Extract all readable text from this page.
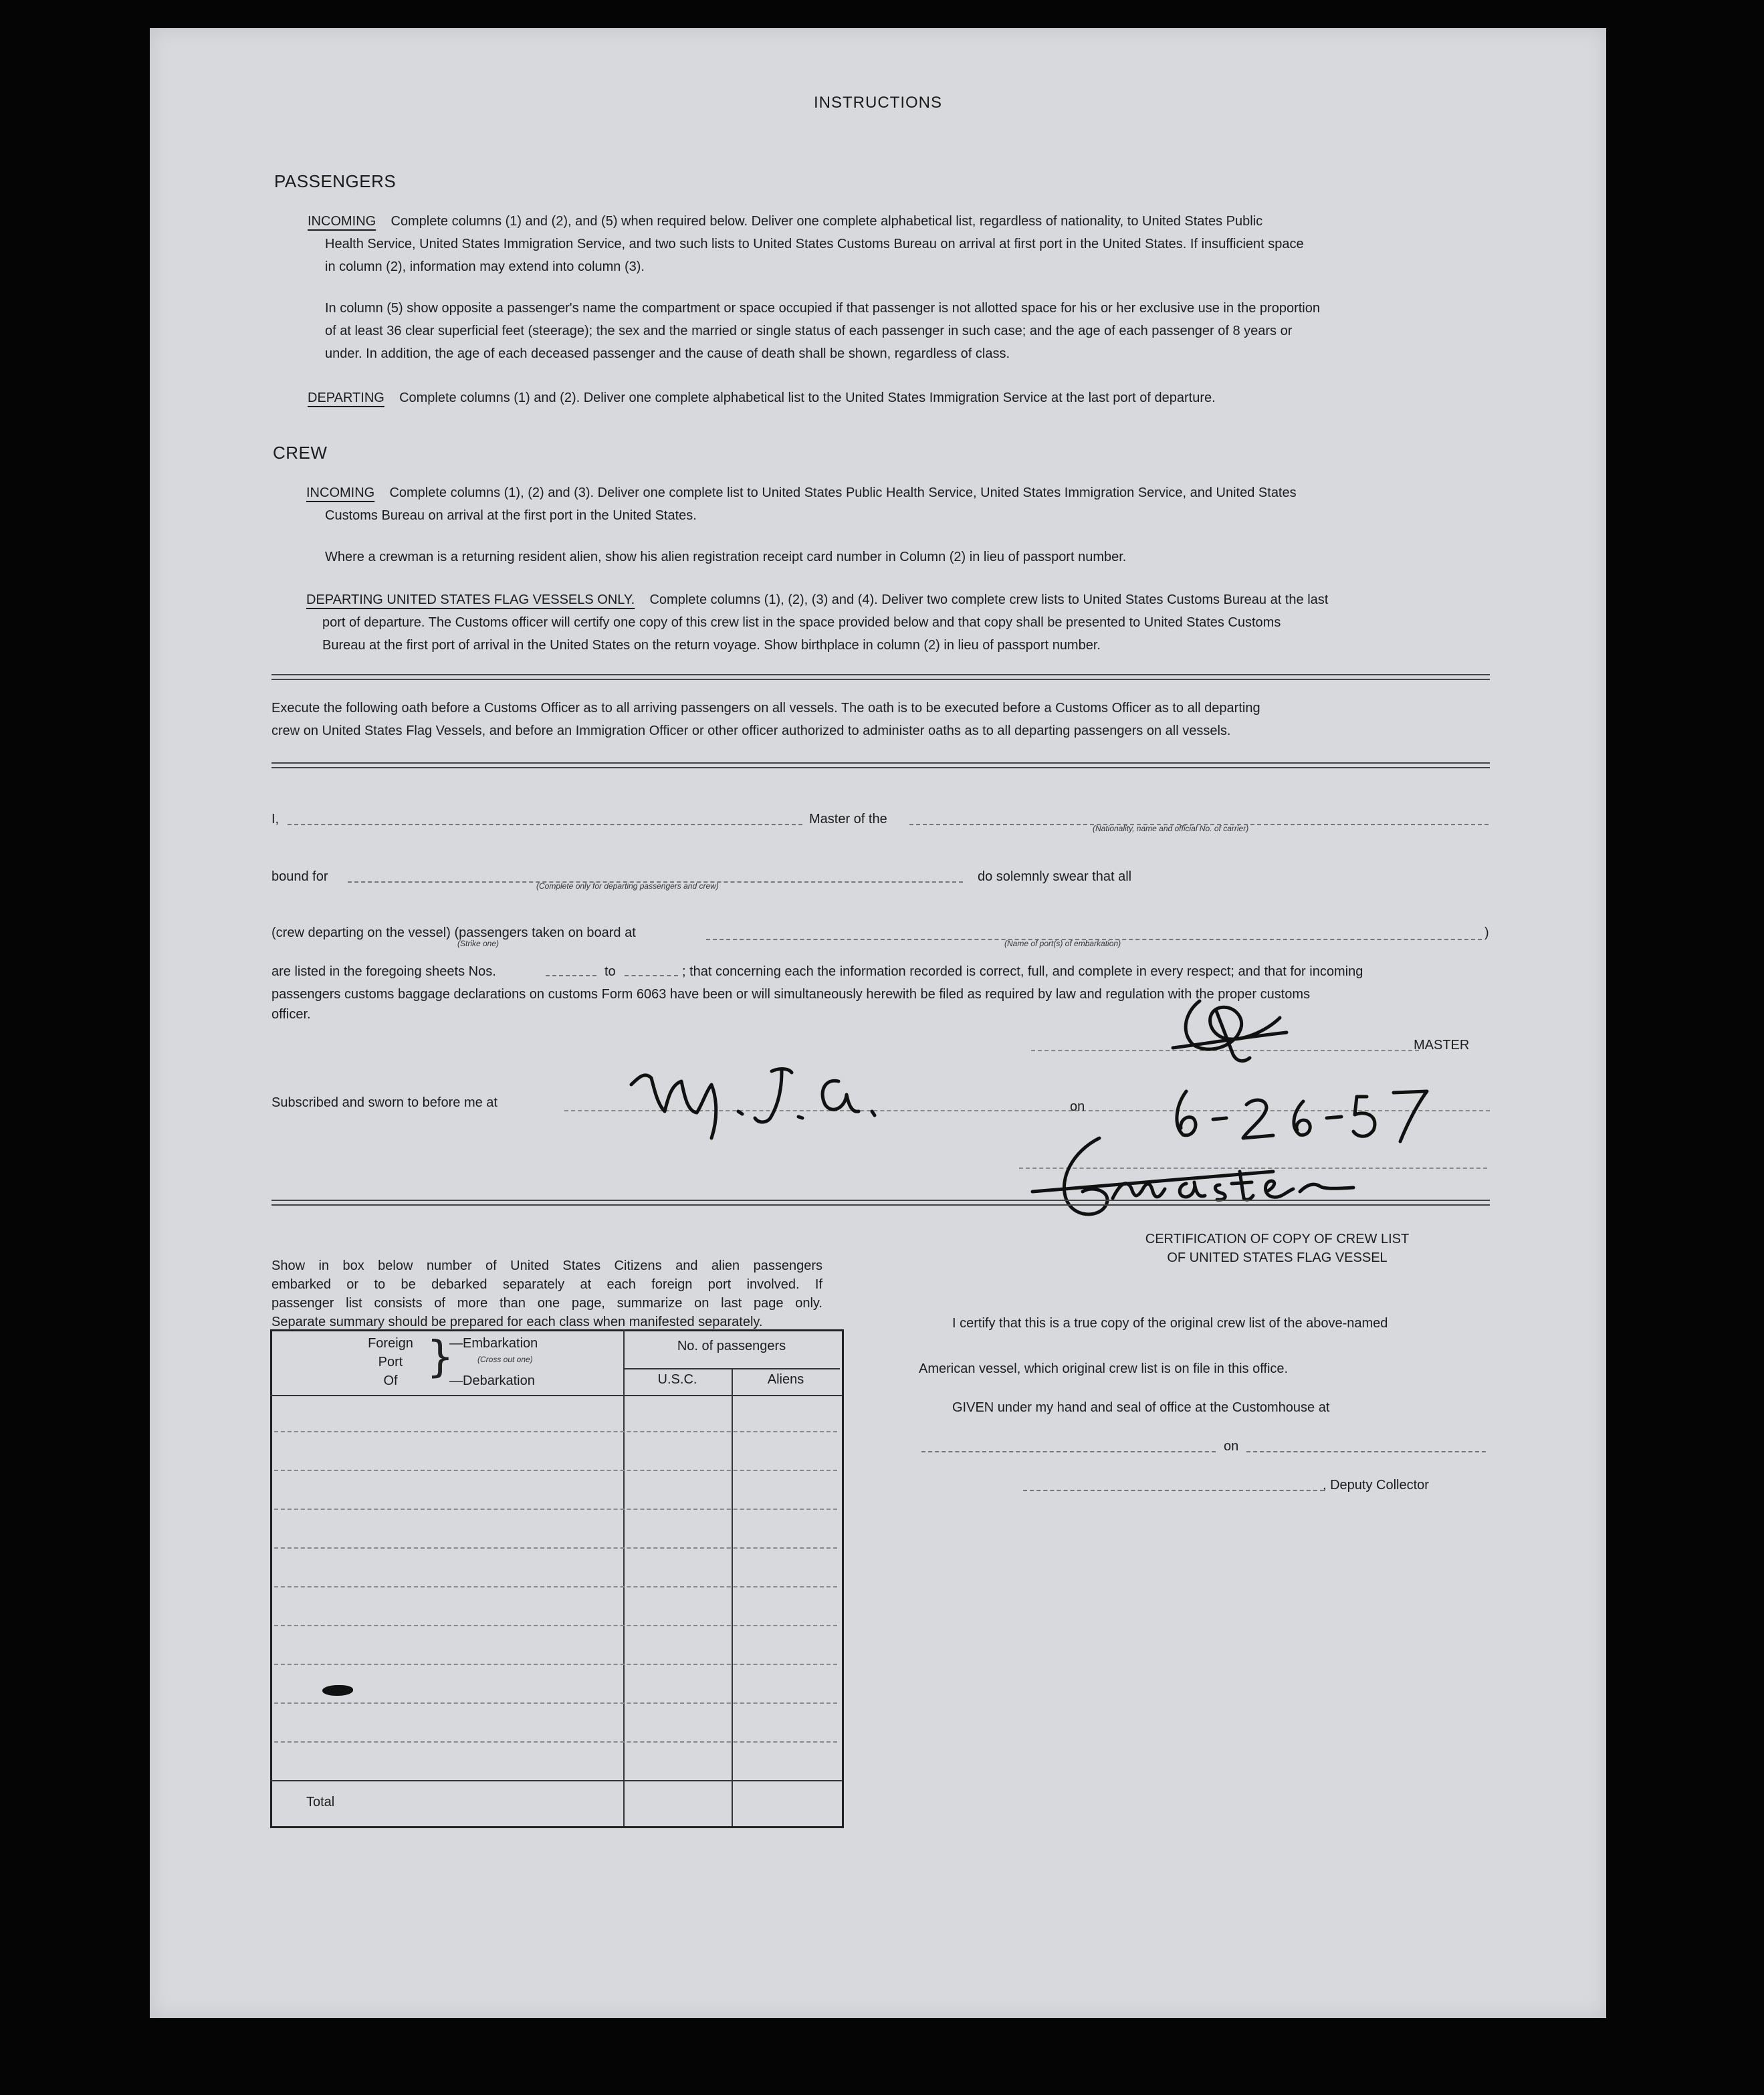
INSTRUCTIONS
PASSENGERS
INCOMING Complete columns (1) and (2), and (5) when required below. Deliver one complete alphabetical list, regardless of nationality, to United States Public
Health Service, United States Immigration Service, and two such lists to United States Customs Bureau on arrival at first port in the United States. If insufficient space
in column (2), information may extend into column (3).
In column (5) show opposite a passenger's name the compartment or space occupied if that passenger is not allotted space for his or her exclusive use in the proportion
of at least 36 clear superficial feet (steerage); the sex and the married or single status of each passenger in such case; and the age of each passenger of 8 years or
under. In addition, the age of each deceased passenger and the cause of death shall be shown, regardless of class.
DEPARTING Complete columns (1) and (2). Deliver one complete alphabetical list to the United States Immigration Service at the last port of departure.
CREW
INCOMING Complete columns (1), (2) and (3). Deliver one complete list to United States Public Health Service, United States Immigration Service, and United States
Customs Bureau on arrival at the first port in the United States.
Where a crewman is a returning resident alien, show his alien registration receipt card number in Column (2) in lieu of passport number.
DEPARTING UNITED STATES FLAG VESSELS ONLY. Complete columns (1), (2), (3) and (4). Deliver two complete crew lists to United States Customs Bureau at the last
port of departure. The Customs officer will certify one copy of this crew list in the space provided below and that copy shall be presented to United States Customs
Bureau at the first port of arrival in the United States on the return voyage. Show birthplace in column (2) in lieu of passport number.
Execute the following oath before a Customs Officer as to all arriving passengers on all vessels. The oath is to be executed before a Customs Officer as to all departing
crew on United States Flag Vessels, and before an Immigration Officer or other officer authorized to administer oaths as to all departing passengers on all vessels.
I,	Master of the
(Nationality, name and official No. of carrier)
bound for
(Complete only for departing passengers and crew)
do solemnly swear that all
(crew departing on the vessel) (passengers taken on board at	)
(Strike one)	(Name of port(s) of embarkation)
are listed in the foregoing sheets Nos.	to	; that concerning each the information recorded is correct, full, and complete in every respect; and that for incoming
passengers customs baggage declarations on customs Form 6063 have been or will simultaneously herewith be filed as required by law and regulation with the proper customs
officer.
MASTER
Subscribed and sworn to before me at	on
Show in box below number of United States Citizens and alien passengers
embarked or to be debarked separately at each foreign port involved. If
passenger list consists of more than one page, summarize on last page only.
Separate summary should be prepared for each class when manifested separately.
Foreign
Port
Of }
—Embarkation
(Cross out one)
—Debarkation
No. of passengers
U.S.C.	Aliens
Total
CERTIFICATION OF COPY OF CREW LIST
OF UNITED STATES FLAG VESSEL
I certify that this is a true copy of the original crew list of the above-named
American vessel, which original crew list is on file in this office.
GIVEN under my hand and seal of office at the Customhouse at
on
, Deputy Collector
